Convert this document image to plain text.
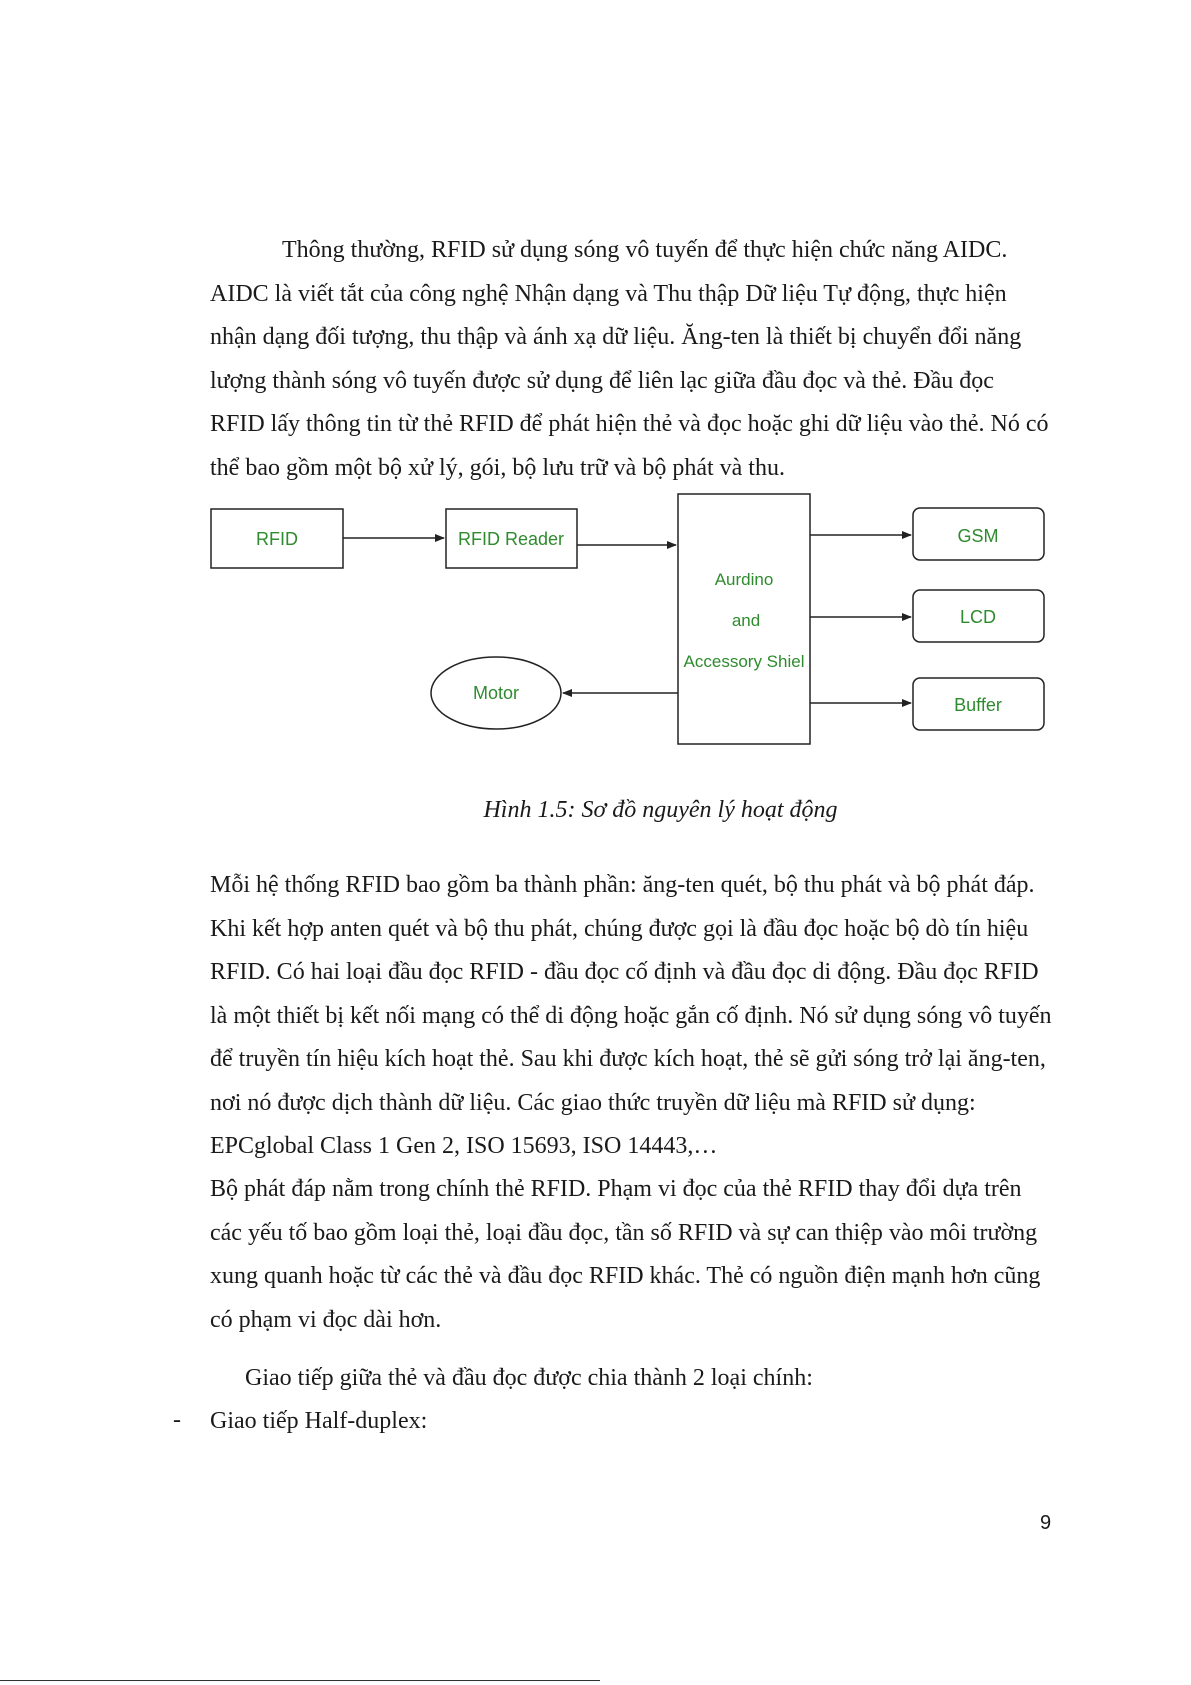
Thông thường, RFID sử dụng sóng vô tuyến để thực hiện chức năng AIDC. AIDC là viết tắt của công nghệ Nhận dạng và Thu thập Dữ liệu Tự động, thực hiện nhận dạng đối tượng, thu thập và ánh xạ dữ liệu. Ăng-ten là thiết bị chuyển đổi năng lượng thành sóng vô tuyến được sử dụng để liên lạc giữa đầu đọc và thẻ. Đầu đọc RFID lấy thông tin từ thẻ RFID để phát hiện thẻ và đọc hoặc ghi dữ liệu vào thẻ. Nó có thể bao gồm một bộ xử lý, gói, bộ lưu trữ và bộ phát và thu.

RFID	RFID Reader
Aurdino
and
Accessory Shiel
GSM
LCD
Buffer
Motor

Hình 1.5: Sơ đồ nguyên lý hoạt động

Mỗi hệ thống RFID bao gồm ba thành phần: ăng-ten quét, bộ thu phát và bộ phát đáp. Khi kết hợp anten quét và bộ thu phát, chúng được gọi là đầu đọc hoặc bộ dò tín hiệu RFID. Có hai loại đầu đọc RFID - đầu đọc cố định và đầu đọc di động. Đầu đọc RFID là một thiết bị kết nối mạng có thể di động hoặc gắn cố định. Nó sử dụng sóng vô tuyến để truyền tín hiệu kích hoạt thẻ. Sau khi được kích hoạt, thẻ sẽ gửi sóng trở lại ăng-ten, nơi nó được dịch thành dữ liệu. Các giao thức truyền dữ liệu mà RFID sử dụng: EPCglobal Class 1 Gen 2, ISO 15693, ISO 14443,…

Bộ phát đáp nằm trong chính thẻ RFID. Phạm vi đọc của thẻ RFID thay đổi dựa trên các yếu tố bao gồm loại thẻ, loại đầu đọc, tần số RFID và sự can thiệp vào môi trường xung quanh hoặc từ các thẻ và đầu đọc RFID khác. Thẻ có nguồn điện mạnh hơn cũng có phạm vi đọc dài hơn.

Giao tiếp giữa thẻ và đầu đọc được chia thành 2 loại chính:

- Giao tiếp Half-duplex:

9
